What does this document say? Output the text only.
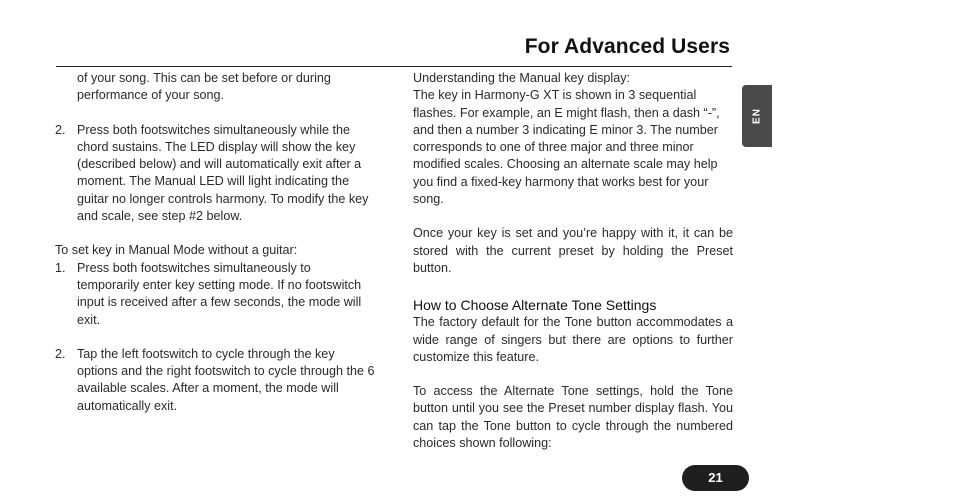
For Advanced Users
EN

of your song. This can be set before or during performance of your song.

2. Press both footswitches simultaneously while the chord sustains. The LED display will show the key (described below) and will automatically exit after a moment. The Manual LED will light indicating the guitar no longer controls harmony. To modify the key and scale, see step #2 below.

To set key in Manual Mode without a guitar:

1. Press both footswitches simultaneously to temporarily enter key setting mode. If no footswitch input is received after a few seconds, the mode will exit.

2. Tap the left footswitch to cycle through the key options and the right footswitch to cycle through the 6 available scales. After a moment, the mode will automatically exit.

Understanding the Manual key display:

The key in Harmony-G XT is shown in 3 sequential flashes. For example, an E might flash, then a dash “-”, and then a number 3 indicating E minor 3. The number corresponds to one of three major and three minor modified scales. Choosing an alternate scale may help you find a fixed-key harmony that works best for your song.

Once your key is set and you’re happy with it, it can be stored with the current preset by holding the Preset button.

How to Choose Alternate Tone Settings

The factory default for the Tone button accommodates a wide range of singers but there are options to further customize this feature.

To access the Alternate Tone settings, hold the Tone button until you see the Preset number display flash. You can tap the Tone button to cycle through the numbered choices shown following:

21
